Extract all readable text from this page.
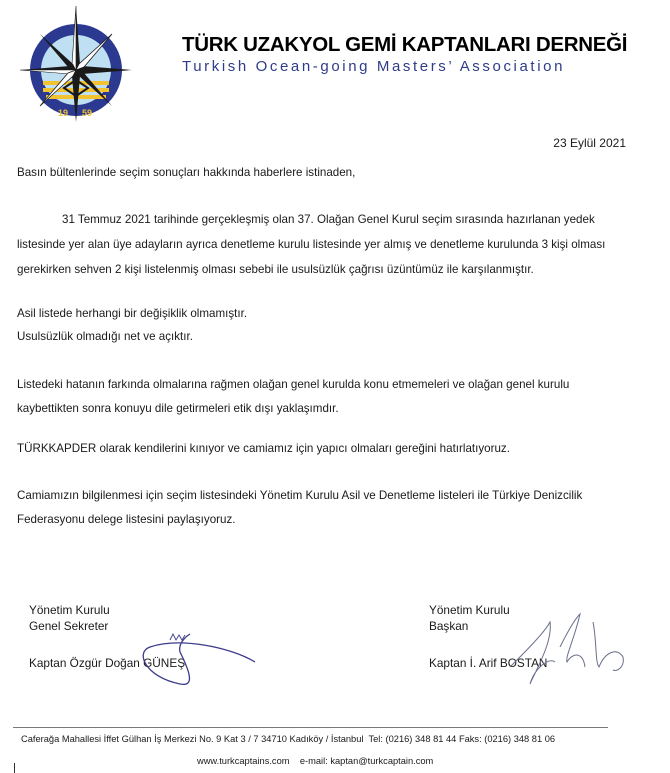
19 59
TÜRK UZAKYOL GEMİ KAPTANLARI DERNEĞİ
Turkish Ocean-going Masters’ Association
23 Eylül 2021
Basın bültenlerinde seçim sonuçları hakkında haberlere istinaden,
31 Temmuz 2021 tarihinde gerçekleşmiş olan 37. Olağan Genel Kurul seçim sırasında hazırlanan yedek
listesinde yer alan üye adayların ayrıca denetleme kurulu listesinde yer almış ve denetleme kurulunda 3 kişi olması
gerekirken sehven 2 kişi listelenmiş olması sebebi ile usulsüzlük çağrısı üzüntümüz ile karşılanmıştır.
Asil listede herhangi bir değişiklik olmamıştır.
Usulsüzlük olmadığı net ve açıktır.
Listedeki hatanın farkında olmalarına rağmen olağan genel kurulda konu etmemeleri ve olağan genel kurulu
kaybettikten sonra konuyu dile getirmeleri etik dışı yaklaşımdır.
TÜRKKAPDER olarak kendilerini kınıyor ve camiamız için yapıcı olmaları gereğini hatırlatıyoruz.
Camiamızın bilgilenmesi için seçim listesindeki Yönetim Kurulu Asil ve Denetleme listeleri ile Türkiye Denizcilik
Federasyonu delege listesini paylaşıyoruz.
Yönetim Kurulu
Genel Sekreter
Kaptan Özgür Doğan GÜNEŞ
Yönetim Kurulu
Başkan
Kaptan İ. Arif BOSTAN
Caferağa Mahallesi İffet Gülhan İş Merkezi No. 9 Kat 3 / 7 34710 Kadıköy / İstanbul Tel: (0216) 348 81 44 Faks: (0216) 348 81 06
www.turkcaptains.com e-mail: kaptan@turkcaptain.com
